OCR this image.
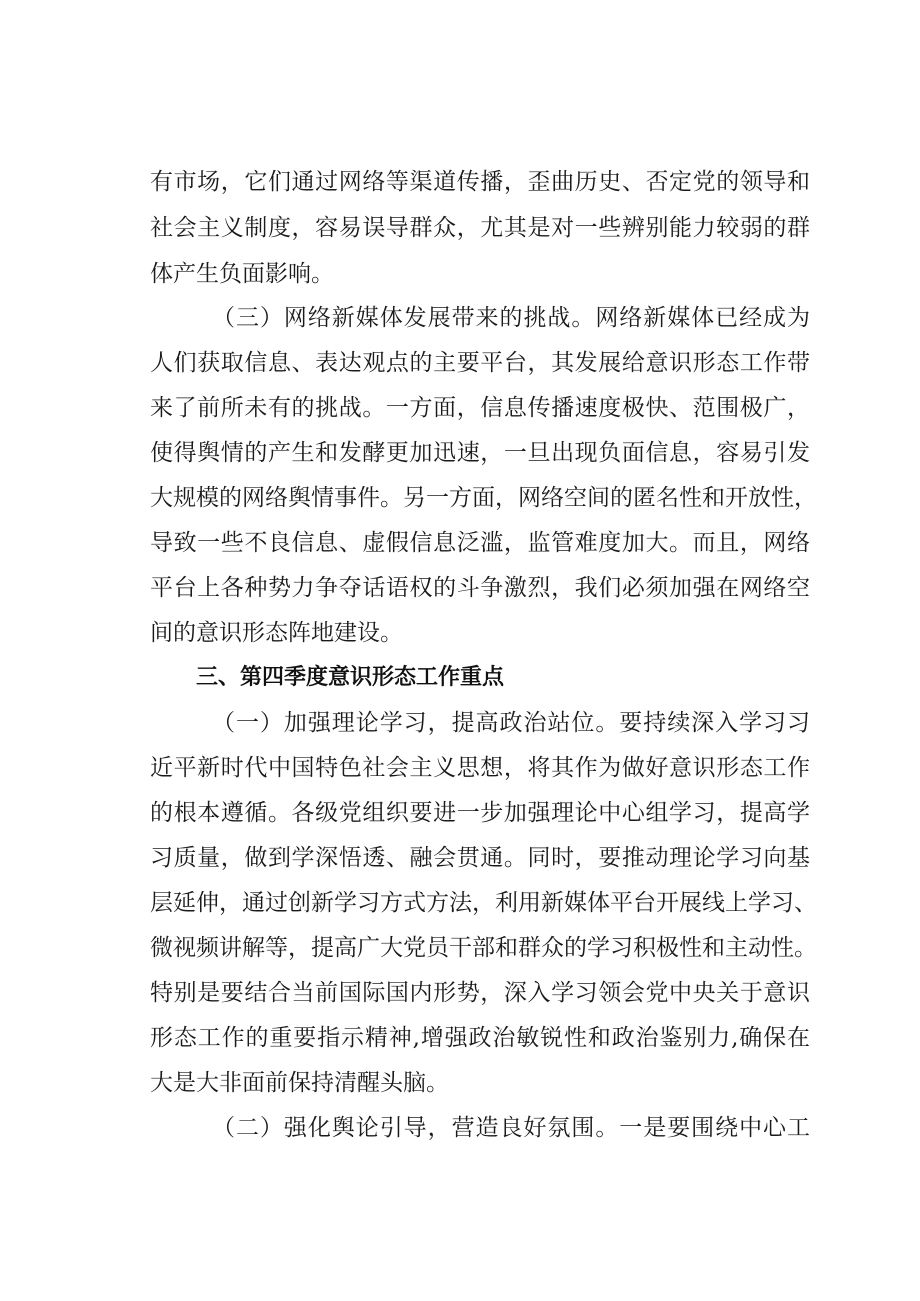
有市场，它们通过网络等渠道传播，歪曲历史、否定党的领导和
社会主义制度，容易误导群众，尤其是对一些辨别能力较弱的群
体产生负面影响。
（三）网络新媒体发展带来的挑战。网络新媒体已经成为
人们获取信息、表达观点的主要平台，其发展给意识形态工作带
来了前所未有的挑战。一方面，信息传播速度极快、范围极广，
使得舆情的产生和发酵更加迅速，一旦出现负面信息，容易引发
大规模的网络舆情事件。另一方面，网络空间的匿名性和开放性，
导致一些不良信息、虚假信息泛滥，监管难度加大。而且，网络
平台上各种势力争夺话语权的斗争激烈，我们必须加强在网络空
间的意识形态阵地建设。
三、第四季度意识形态工作重点
（一）加强理论学习，提高政治站位。要持续深入学习习
近平新时代中国特色社会主义思想，将其作为做好意识形态工作
的根本遵循。各级党组织要进一步加强理论中心组学习，提高学
习质量，做到学深悟透、融会贯通。同时，要推动理论学习向基
层延伸，通过创新学习方式方法，利用新媒体平台开展线上学习、
微视频讲解等，提高广大党员干部和群众的学习积极性和主动性。
特别是要结合当前国际国内形势，深入学习领会党中央关于意识
形态工作的重要指示精神,增强政治敏锐性和政治鉴别力,确保在
大是大非面前保持清醒头脑。
（二）强化舆论引导，营造良好氛围。一是要围绕中心工
